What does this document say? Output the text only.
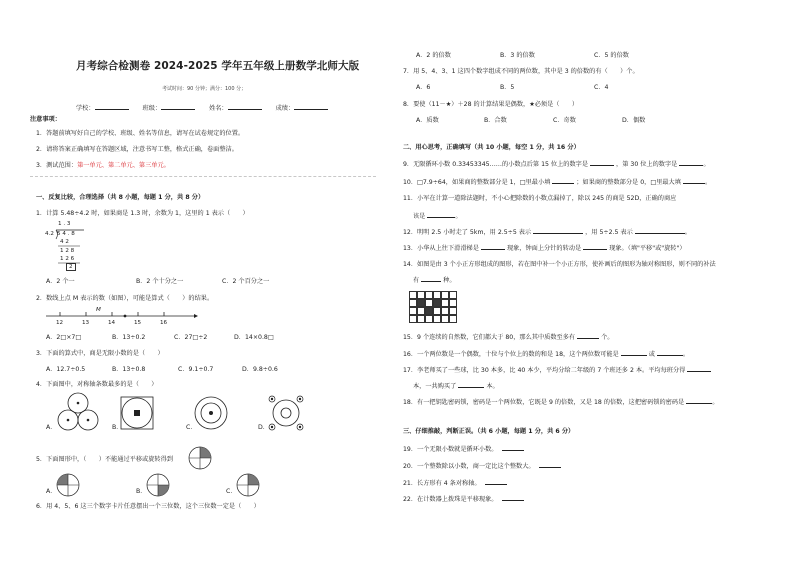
月考综合检测卷 2024-2025 学年五年级上册数学北师大版
考试时间：90 分钟；满分：100 分；
学校：	班级：	姓名：	成绩：
注意事项：
1．答题前填写好自己的学校、班级、姓名等信息，请写在试卷规定的位置。
2．请将答案正确填写在答题区域，注意书写工整，格式正确，卷面整洁。
3．测试范围：第一单元、第二单元、第三单元。
一、反复比较，合理选择（共 8 小题，每题 1 分，共 8 分）
1．计算 5.48÷4.2 时，如果商是 1.3 时，余数为 1，这里的 1 表示（　　）
1 . 3
4.2 5 4 . 8
4 2
1 2 8
1 2 6
2
A．2 个一	B．2 个十分之一	C．2 个百分之一
2．数线上点 M 表示的数（如图），可能是算式（　　）的结果。
M
12	13	14	15	16
A．2□×7□	B．13÷0.2	C．27□÷2	D．14×0.8□
3．下面的算式中，商是无限小数的是（　　）
A．12.7÷0.5	B．13÷0.8	C．9.1÷0.7	D．9.8÷0.6
4．下面图中，对称轴条数最多的是（　　）
A．	B．	C．	D．
5．下面图形中，（　　）不能通过平移或旋转得到
A．	B．	C．
6．用 4、5、6 这三个数字卡片任意摆出一个三位数，这个三位数一定是（　　）
A．2 的倍数	B．3 的倍数	C．5 的倍数
7．用 5、4、3、1 这四个数字组成不同的两位数，其中是 3 的倍数的有（　　）个。
A．6	B．5	C．4
8．要使（11－★）＋28 的计算结果是偶数，★必须是（　　）
A．质数	B．合数	C．奇数	D．偶数
二、用心思考，正确填写（共 10 小题，每空 1 分，共 16 分）
9．无限循环小数 0.33453345……的小数点后第 15 位上的数字是	，第 30 位上的数字是	。
10．□7.9÷64，如果商的整数部分是 1，□里最小填	；如果商的整数部分是 0，□里最大填	。
11．小军在计算一道除法题时，不小心把除数的小数点漏掉了，除以 245 的商是 52D，正确的商应
该是	。
12．明明 2.5 小时走了 5km，用 2.5÷5 表示	，用 5÷2.5 表示	。
13．小华从上往下滑滑梯是	现象，钟面上分针的转动是	现象。（填"平移"或"旋转"）
14．如图是由 3 个小正方形组成的图形，若在图中补一个小正方形，使补画后的图形为轴对称图形，则不同的补法
有	种。
15．9 个连续的自然数，它们都大于 80，那么其中质数至多有	个。
16．一个两位数是一个偶数，十位与个位上的数的和是 18，这个两位数可能是	或	。
17．李老师买了一些球，比 30 本多，比 40 本少，平均分给二年级的 7 个班还多 2 本。平均每班分得
本，一共购买了	本。
18．有一把钥匙密码锁，密码是一个两位数，它既是 9 的倍数，又是 18 的倍数，这把密码锁的密码是	。
三、仔细推敲，判断正误。（共 6 小题，每题 1 分，共 6 分）
19．一个无限小数就是循环小数。
20．一个整数除以小数，商一定比这个整数大。
21．长方形有 4 条对称轴。
22．在计数器上拨珠是平移现象。
